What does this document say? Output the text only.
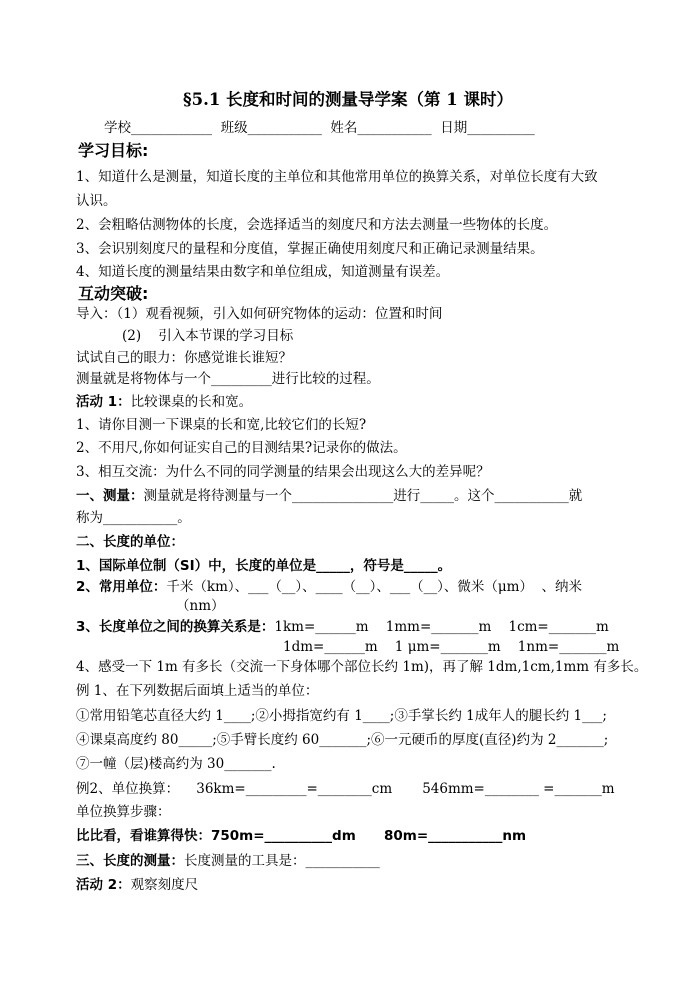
§5.1 长度和时间的测量导学案（第 1 课时）
学校____________  班级___________  姓名___________  日期__________
学习目标:
1、知道什么是测量，知道长度的主单位和其他常用单位的换算关系，对单位长度有大致
认识。
2、会粗略估测物体的长度，会选择适当的刻度尺和方法去测量一些物体的长度。
3、会识别刻度尺的量程和分度值，掌握正确使用刻度尺和正确记录测量结果。
4、知道长度的测量结果由数字和单位组成，知道测量有误差。
互动突破:
导入：（1）观看视频，引入如何研究物体的运动：位置和时间
(2)    引入本节课的学习目标
试试自己的眼力：你感觉谁长谁短？
测量就是将物体与一个_________进行比较的过程。
活动 1：比较课桌的长和宽。
1、请你目测一下课桌的长和宽,比较它们的长短?
2、不用尺,你如何证实自己的目测结果?记录你的做法。
3、相互交流：为什么不同的同学测量的结果会出现这么大的差异呢？
一、测量：测量就是将待测量与一个_______________进行_____。这个___________就
称为___________。
二、长度的单位：
1、国际单位制（SI）中，长度的单位是_____，符号是_____。
2、常用单位：千米（km）、___（__）、____（__）、___（__）、微米（μm）  、纳米
（nm）
3、长度单位之间的换算关系是：1km=______m    1mm=_______m    1cm=_______m
1dm=______m    1 μm=_______m    1nm=_______m
4、感受一下 1m 有多长（交流一下身体哪个部位长约 1m)，再了解 1dm,1cm,1mm 有多长。
例 1、在下列数据后面填上适当的单位：
①常用铅笔芯直径大约 1____;②小拇指宽约有 1____;③手掌长约 1成年人的腿长约 1___;
④课桌高度约 80_____;⑤手臂长度约 60_______;⑥一元硬币的厚度(直径)约为 2_______;
⑦一幢（层)楼高约为 30_______.
例2、单位换算：    36km=_________=________cm       546mm=________ =_______m
单位换算步骤：
比比看，看谁算得快：750m=__________dm      80m=___________nm
三、长度的测量：长度测量的工具是：___________
活动 2：观察刻度尺
